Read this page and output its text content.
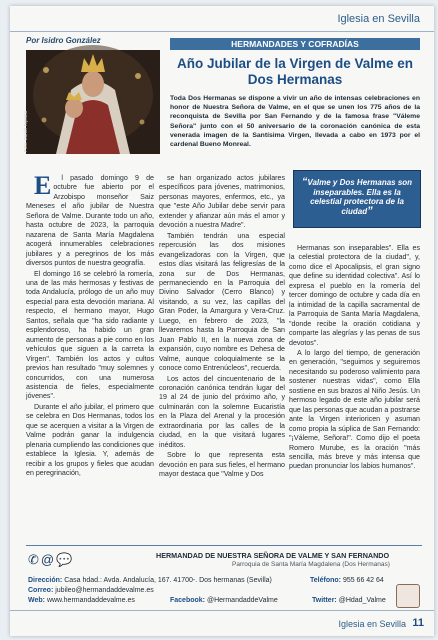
Iglesia en Sevilla
Por Isidro González	HERMANDADES Y COFRADÍAS
Foto: Daniel Tejerina
Año Jubilar de la Virgen de Valme en Dos Hermanas
Toda Dos Hermanas se dispone a vivir un año de intensas celebraciones en honor de Nuestra Señora de Valme, en el que se unen los 775 años de la reconquista de Sevilla por San Fernando y de la famosa frase "Váleme Señora" junto con el 50 aniversario de la coronación canónica de esta venerada imagen de la Santísima Virgen, llevada a cabo en 1973 por el cardenal Bueno Monreal.

E l pasado domingo 9 de octubre fue abierto por el Arzobispo monseñor Saiz Meneses el año jubilar de Nuestra Señora de Valme. Durante todo un año, hasta octubre de 2023, la parroquia nazarena de Santa María Magdalena acogerá innumerables celebraciones jubilares y a peregrinos de los más diversos puntos de nuestra geografía.

El domingo 16 se celebró la romería, una de las más hermosas y festivas de toda Andalucía, prólogo de un año muy especial para esta devoción mariana. Al respecto, el hermano mayor, Hugo Santos, señala que "ha sido radiante y esplendoroso, ha habido un gran aumento de personas a pie como en los vehículos que siguen a la carreta la Virgen". También los actos y cultos previos han resultado "muy solemnes y concurridos, con una numerosa asistencia de fieles, especialmente jóvenes".

Durante el año jubilar, el primero que se celebra en Dos Hermanas, todos los que se acerquen a visitar a la Virgen de Valme podrán ganar la indulgencia plenaria cumpliendo las condiciones que establece la Iglesia. Y, además de recibir a los grupos y fieles que acudan en peregrinación,

se han organizado actos jubilares específicos para jóvenes, matrimonios, personas mayores, enfermos, etc., ya que "este Año Jubilar debe servir para extender y afianzar aún más el amor y devoción a nuestra Madre".

También tendrán una especial repercusión las dos misiones evangelizadoras con la Virgen, que estos días visitará las feligresías de la zona sur de Dos Hermanas, permaneciendo en la Parroquia del Divino Salvador (Cerro Blanco) y visitando, a su vez, las capillas del Gran Poder, la Amargura y Vera-Cruz. Luego, en febrero de 2023, "la llevaremos hasta la Parroquia de San Juan Pablo II, en la nueva zona de expansión, cuyo nombre es Dehesa de Valme, aunque coloquialmente se la conoce como Entrenúcleos", recuerda.

Los actos del cincuentenario de la coronación canónica tendrán lugar del 19 al 24 de junio del próximo año, y culminarán con la solemne Eucaristía en la Plaza del Arenal y la procesión extraordinaria por las calles de la ciudad, en la que visitará lugares inéditos.

Sobre lo que representa esta devoción en para sus fieles, el hermano mayor destaca que "Valme y Dos

“Valme y Dos Hermanas son inseparables. Ella es la celestial protectora de la ciudad”

Hermanas son inseparables". Ella es la celestial protectora de la ciudad", y, como dice el Apocalipsis, el gran signo que define su identidad colectiva". Así lo expresa el pueblo en la romería del tercer domingo de octubre y cada día en la intimidad de la capilla sacramental de la Parroquia de Santa María Magdalena, "donde recibe la oración cotidiana y comparte las alegrías y las penas de sus devotos".

A lo largo del tiempo, de generación en generación, "seguimos y seguiremos necesitando su poderoso valimiento para sostener nuestras vidas", como Ella sostiene en sus brazos al Niño Jesús. Un hermoso legado de este año jubilar será que las personas que acudan a postrarse ante la Virgen interioricen y asuman como propia la súplica de San Fernando: "¡Váleme, Señora!". Como dijo el poeta Romero Murube, es la oración "más sencilla, más breve y más intensa que puedan pronunciar los labios humanos".

✆@💬	HERMANDAD DE NUESTRA SEÑORA DE VALME Y SAN FERNANDO
Parroquia de Santa María Magdalena (Dos Hermanas)
Dirección: Casa hdad.: Avda. Andalucía, 167. 41700-. Dos hermanas (Sevilla)	Teléfono: 955 66 42 64
Correo: jubileo@hermandaddevalme.es
Web: www.hermandaddevalme.es	Facebook: @HermandaddeValme	Twitter: @Hdad_Valme
Iglesia en Sevilla 11
